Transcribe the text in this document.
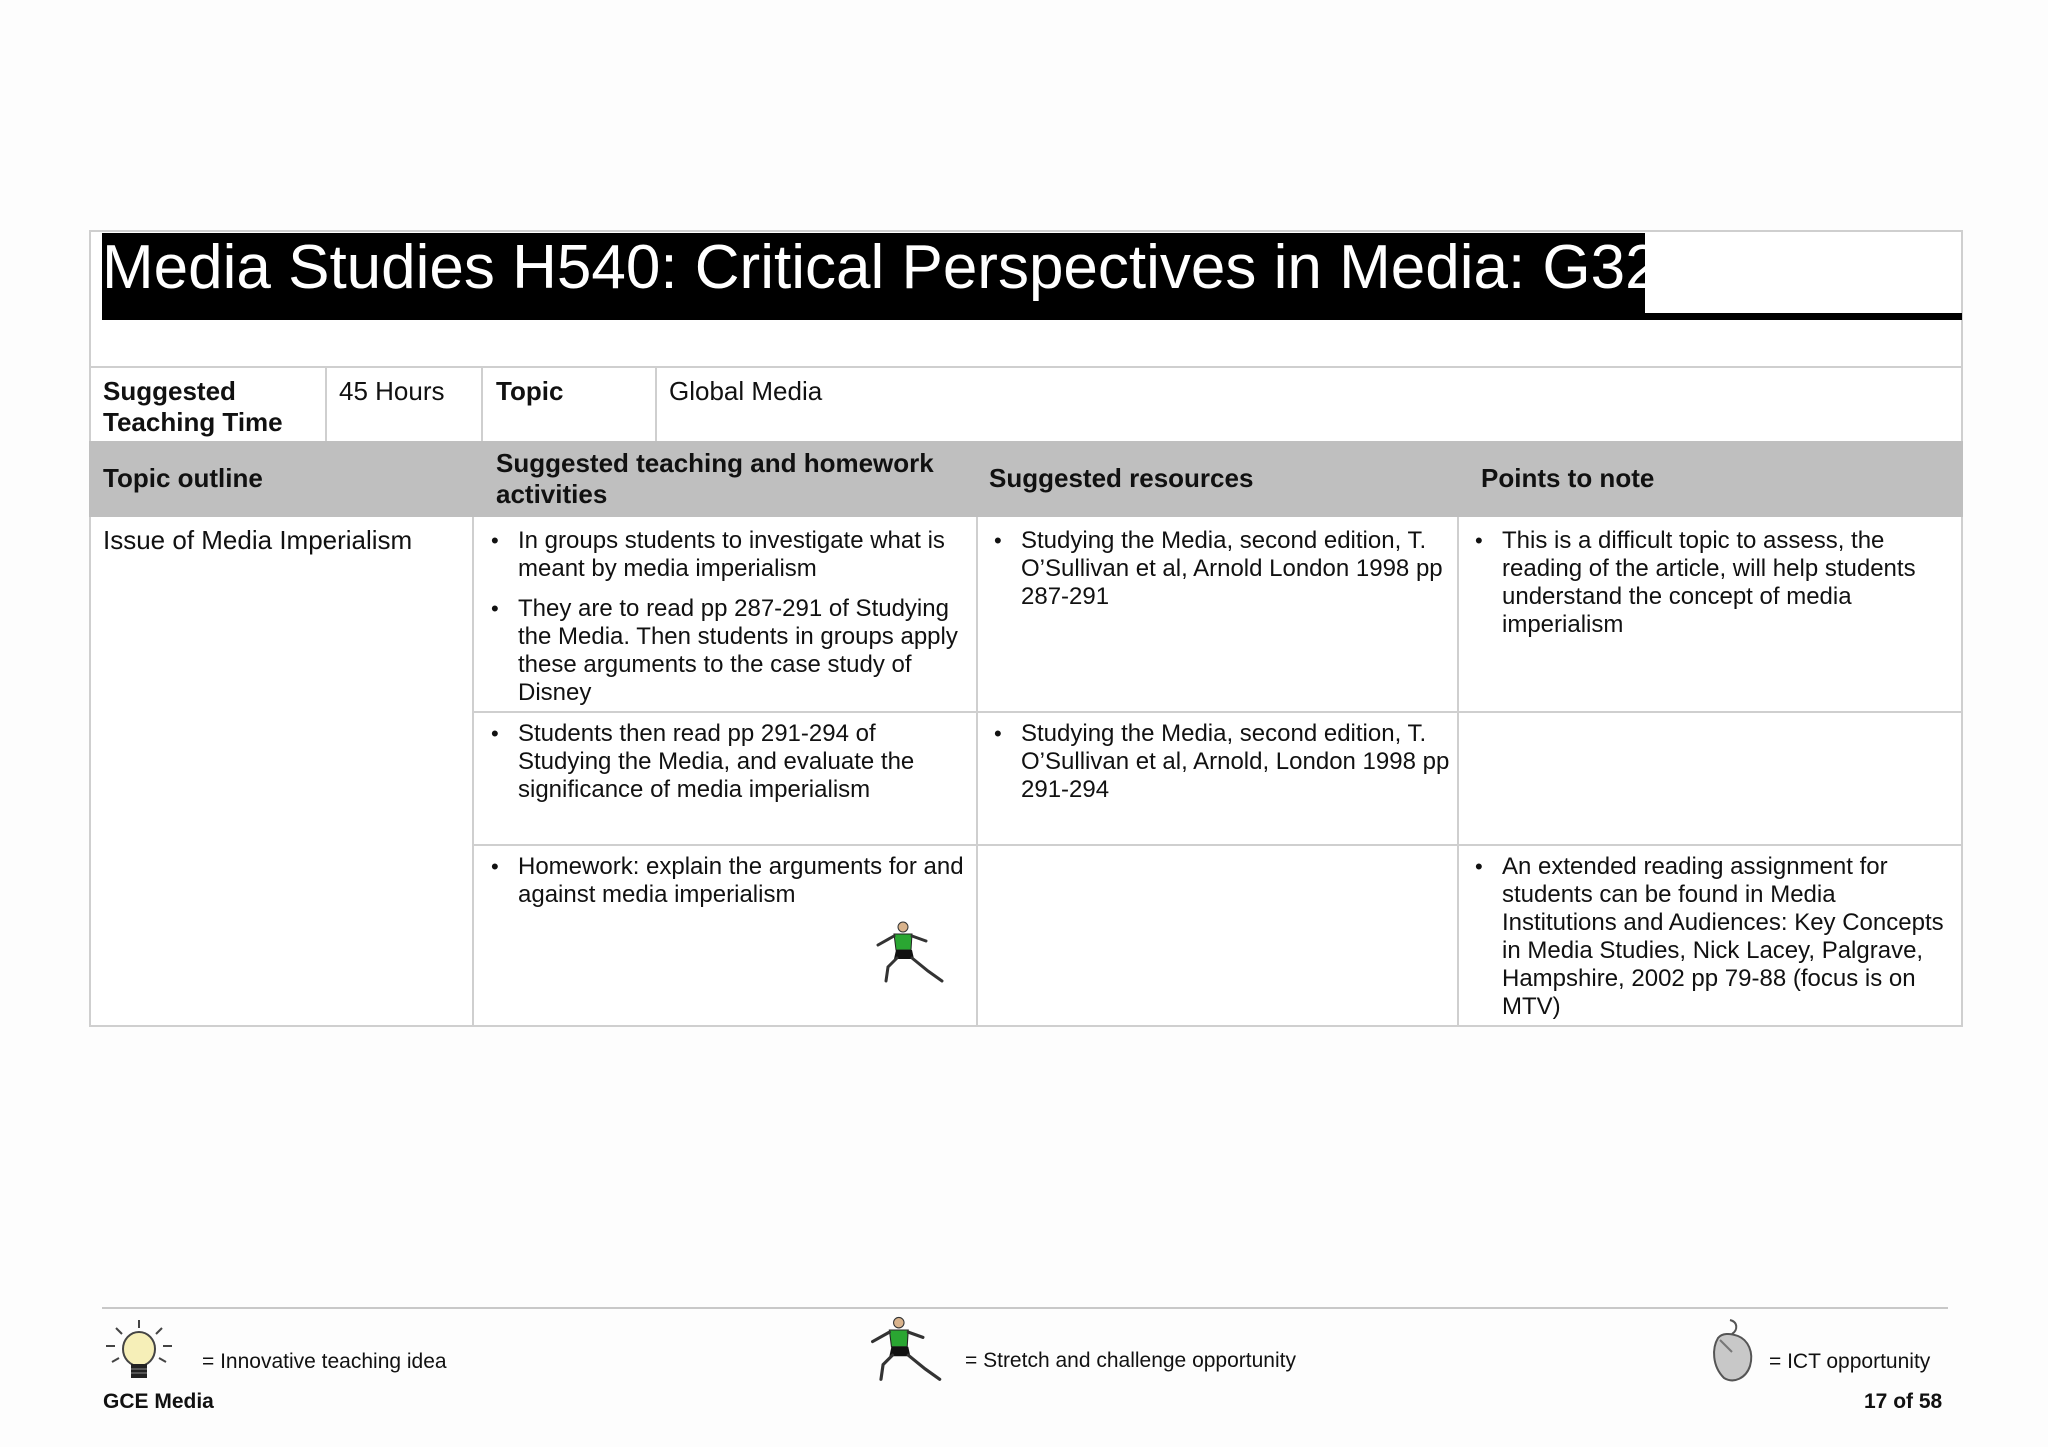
Media Studies H540: Critical Perspectives in Media: G325
Suggested Teaching Time
45 Hours Topic	Global Media
Topic outline	Suggested teaching and homework activities
Suggested resources	Points to note
Issue of Media Imperialism
•	In groups students to investigate what is meant by media imperialism
• They are to read pp 287-291 of Studying the Media. Then students in groups apply these arguments to the case study of Disney
• Studying the Media, second edition, T. O’Sullivan et al, Arnold London 1998 pp 287-291
• This is a difficult topic to assess, the reading of the article, will help students understand the concept of media imperialism
• Students then read pp 291-294 of Studying the Media, and evaluate the significance of media imperialism
• Studying the Media, second edition, T. O’Sullivan et al, Arnold, London 1998 pp 291-294
• Homework: explain the arguments for and against media imperialism
• An extended reading assignment for students can be found in Media Institutions and Audiences: Key Concepts in Media Studies, Nick Lacey, Palgrave, Hampshire, 2002 pp 79-88 (focus is on MTV)
= Innovative teaching idea	= Stretch and challenge opportunity	= ICT opportunity
GCE Media	17 of 58
